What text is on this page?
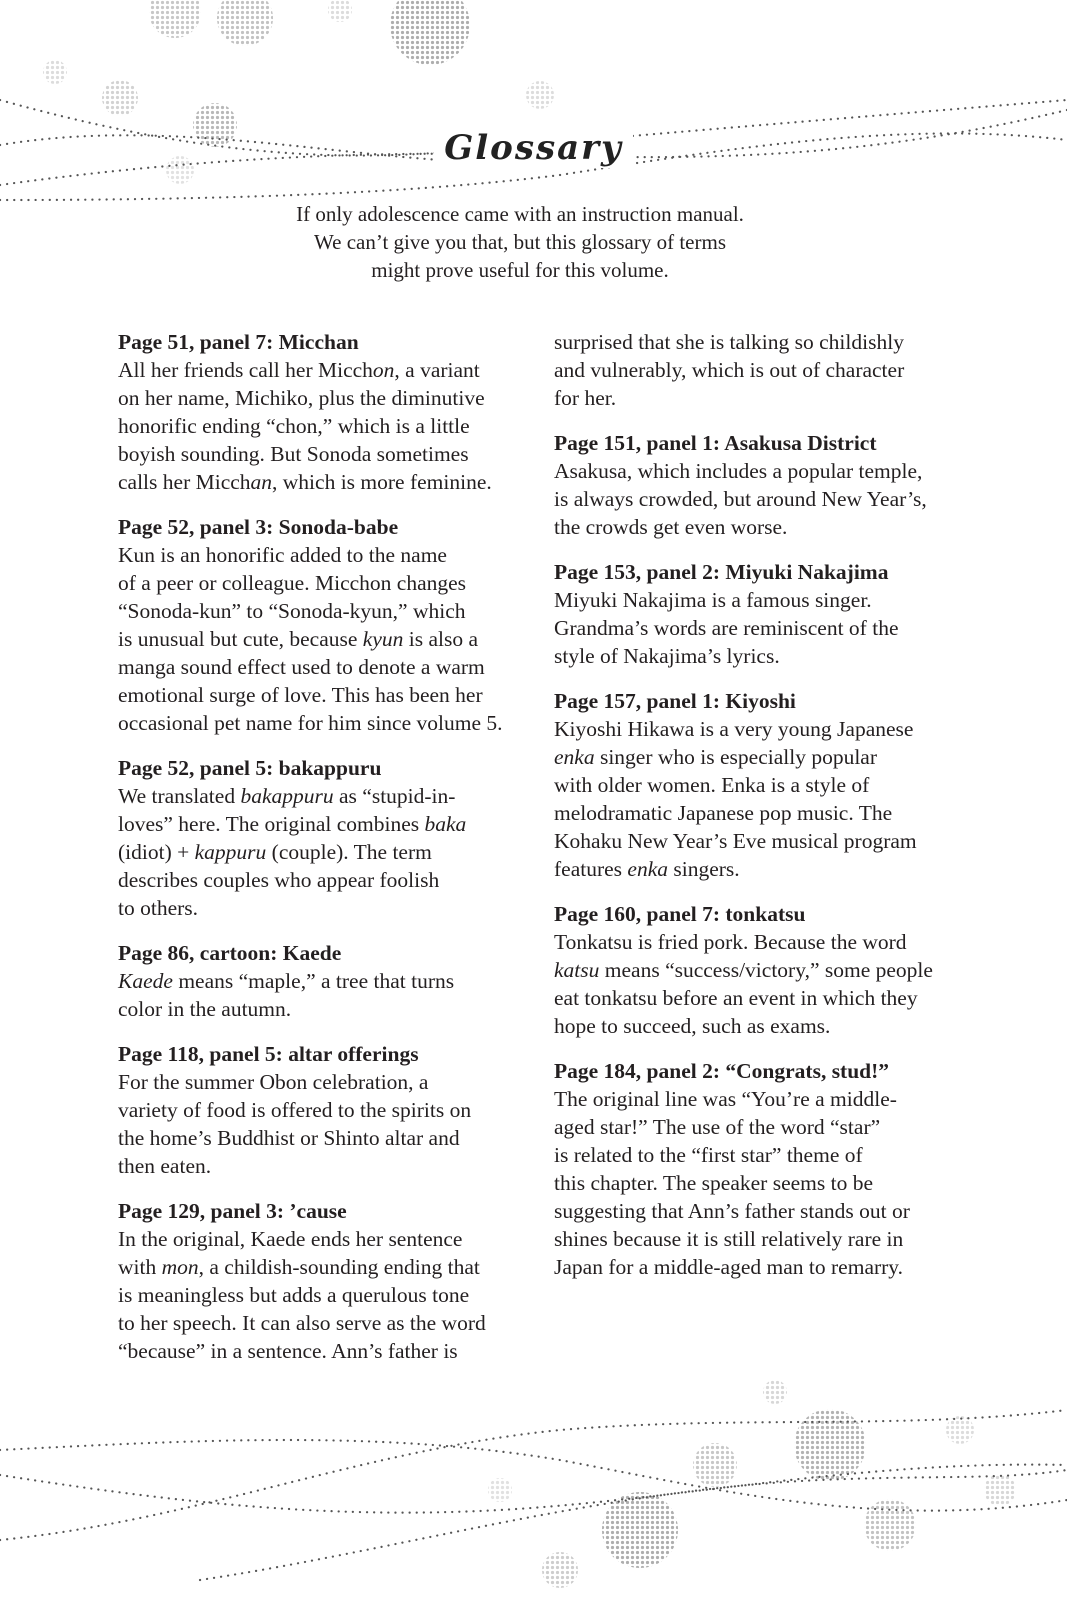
Glossary
If only adolescence came with an instruction manual.
We can’t give you that, but this glossary of terms
might prove useful for this volume.
Page 51, panel 7: Micchan
All her friends call her Micchon, a variant
on her name, Michiko, plus the diminutive
honorific ending “chon,” which is a little
boyish sounding. But Sonoda sometimes
calls her Micchan, which is more feminine.
Page 52, panel 3: Sonoda-babe
Kun is an honorific added to the name
of a peer or colleague. Micchon changes
“Sonoda-kun” to “Sonoda-kyun,” which
is unusual but cute, because kyun is also a
manga sound effect used to denote a warm
emotional surge of love. This has been her
occasional pet name for him since volume 5.
Page 52, panel 5: bakappuru
We translated bakappuru as “stupid-in-
loves” here. The original combines baka
(idiot) + kappuru (couple). The term
describes couples who appear foolish
to others.
Page 86, cartoon: Kaede
Kaede means “maple,” a tree that turns
color in the autumn.
Page 118, panel 5: altar offerings
For the summer Obon celebration, a
variety of food is offered to the spirits on
the home’s Buddhist or Shinto altar and
then eaten.
Page 129, panel 3: ’cause
In the original, Kaede ends her sentence
with mon, a childish-sounding ending that
is meaningless but adds a querulous tone
to her speech. It can also serve as the word
“because” in a sentence. Ann’s father is
surprised that she is talking so childishly
and vulnerably, which is out of character
for her.
Page 151, panel 1: Asakusa District
Asakusa, which includes a popular temple,
is always crowded, but around New Year’s,
the crowds get even worse.
Page 153, panel 2: Miyuki Nakajima
Miyuki Nakajima is a famous singer.
Grandma’s words are reminiscent of the
style of Nakajima’s lyrics.
Page 157, panel 1: Kiyoshi
Kiyoshi Hikawa is a very young Japanese
enka singer who is especially popular
with older women. Enka is a style of
melodramatic Japanese pop music. The
Kohaku New Year’s Eve musical program
features enka singers.
Page 160, panel 7: tonkatsu
Tonkatsu is fried pork. Because the word
katsu means “success/victory,” some people
eat tonkatsu before an event in which they
hope to succeed, such as exams.
Page 184, panel 2: “Congrats, stud!”
The original line was “You’re a middle-
aged star!” The use of the word “star”
is related to the “first star” theme of
this chapter. The speaker seems to be
suggesting that Ann’s father stands out or
shines because it is still relatively rare in
Japan for a middle-aged man to remarry.
